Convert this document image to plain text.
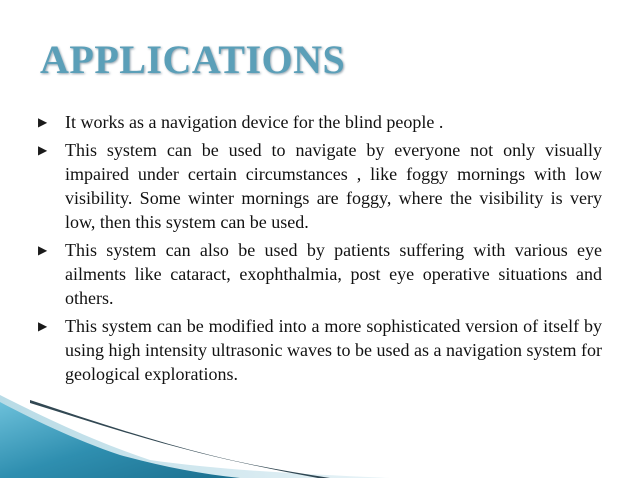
APPLICATIONS
▶ It works as a navigation device for the blind people .
▶ This system can be used to navigate by everyone not only visually impaired under certain circumstances , like foggy mornings with low visibility. Some winter mornings are foggy, where the visibility is very low, then this system can be used.
▶ This system can also be used by patients suffering with various eye ailments like cataract, exophthalmia, post eye operative situations and others.
▶ This system can be modified into a more sophisticated version of itself by using high intensity ultrasonic waves to be used as a navigation system for geological explorations.
